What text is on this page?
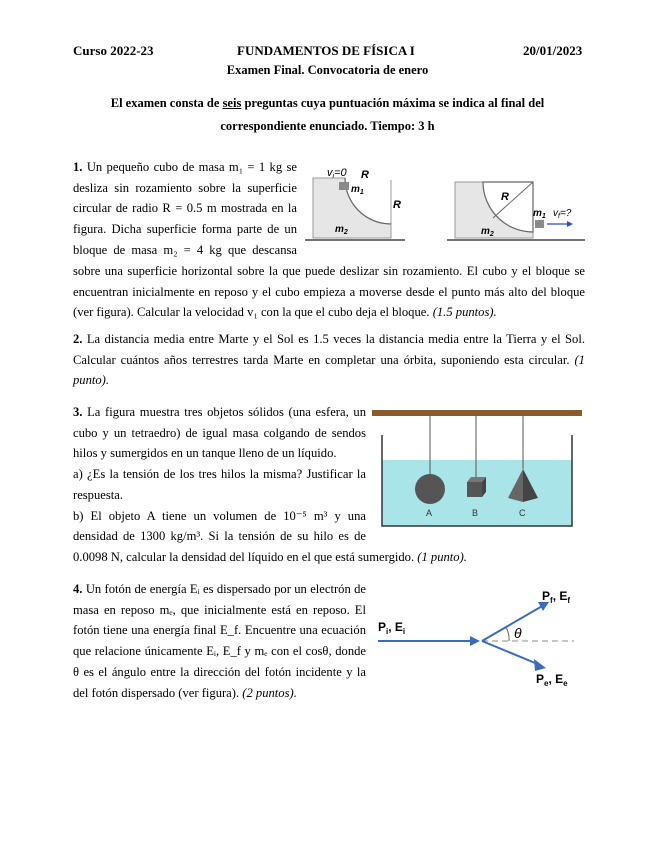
Curso 2022-23	FUNDAMENTOS DE FÍSICA I	20/01/2023
Examen Final. Convocatoria de enero
El examen consta de seis preguntas cuya puntuación máxima se indica al final del
correspondiente enunciado. Tiempo: 3 h
1. Un pequeño cubo de masa m₁ = 1 kg se
desliza sin rozamiento sobre la superficie
circular de radio R = 0.5 m mostrada en la
figura. Dicha superficie forma parte de un
bloque de masa m₂ = 4 kg que descansa
sobre una superficie horizontal sobre la que puede deslizar sin rozamiento. El cubo y el bloque se
encuentran inicialmente en reposo y el cubo empieza a moverse desde el punto más alto del bloque
(ver figura). Calcular la velocidad v₁ con la que el cubo deja el bloque. (1.5 puntos).
vi=0 R
$m_1$
R
$m_2$
R
$m_1$ $v_f=$?
$m_2$
2. La distancia media entre Marte y el Sol es 1.5 veces la distancia media entre la Tierra y el Sol.
Calcular cuántos años terrestres tarda Marte en completar una órbita, suponiendo esta circular. (1
punto).
3. La figura muestra tres objetos sólidos (una esfera, un
cubo y un tetraedro) de igual masa colgando de sendos
hilos y sumergidos en un tanque lleno de un líquido.
a) ¿Es la tensión de los tres hilos la misma? Justificar la
respuesta.
b) El objeto A tiene un volumen de 10⁻⁵ m³ y una
densidad de 1300 kg/m³. Si la tensión de su hilo es de
0.0098 N, calcular la densidad del líquido en el que está sumergido. (1 punto).
A	B	C
4. Un fotón de energía Eᵢ es dispersado por un electrón de
masa en reposo mₑ, que inicialmente está en reposo. El
fotón tiene una energía final E_f. Encuentre una ecuación
que relacione únicamente Eᵢ, E_f y mₑ con el cosθ, donde
θ es el ángulo entre la dirección del fotón incidente y la
del fotón dispersado (ver figura). (2 puntos).
θ
$P_i$, $E_i$
$P_f$, $E_f$
$P_e$, $E_e$
